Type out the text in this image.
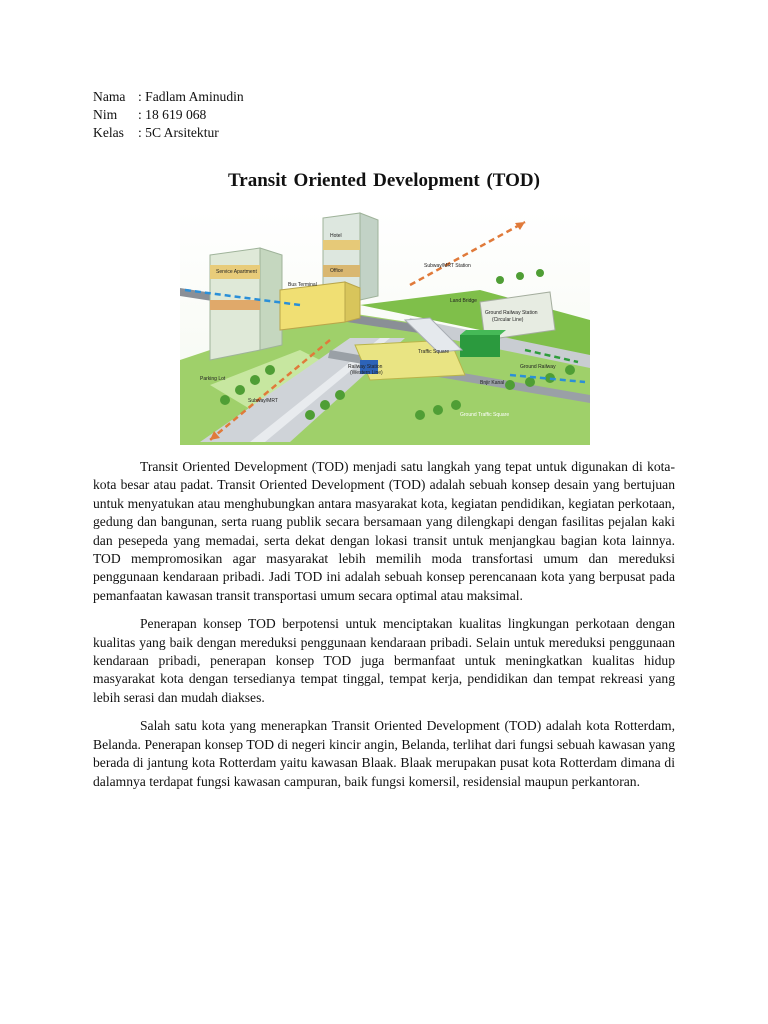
Nama : Fadlam Aminudin
Nim	: 18 619 068
Kelas	: 5C Arsitektur
Transit Oriented Development (TOD)
Hotel
Service Apartment	Office
Bus Terminal
Subway/MRT Station
Land Bridge
Ground Railway Station
(Circular Line)
Traffic Square
Railway Station
(Western Line)
Parking Lot
Subway/MRT
Ground Railway
Bnjir Kanal
Ground Traffic Square

Transit Oriented Development (TOD) menjadi satu langkah yang tepat untuk digunakan di kota-kota besar atau padat. Transit Oriented Development (TOD) adalah sebuah konsep desain yang bertujuan untuk menyatukan atau menghubungkan antara masyarakat kota, kegiatan pendidikan, kegiatan perkotaan, gedung dan bangunan, serta ruang publik secara bersamaan yang dilengkapi dengan fasilitas pejalan kaki dan pesepeda yang memadai, serta dekat dengan lokasi transit untuk menjangkau bagian kota lainnya. TOD mempromosikan agar masyarakat lebih memilih moda transfortasi umum dan mereduksi penggunaan kendaraan pribadi. Jadi TOD ini adalah sebuah konsep perencanaan kota yang berpusat pada pemanfaatan kawasan transit transportasi umum secara optimal atau maksimal.

Penerapan konsep TOD berpotensi untuk menciptakan kualitas lingkungan perkotaan dengan kualitas yang baik dengan mereduksi penggunaan kendaraan pribadi. Selain untuk mereduksi penggunaan kendaraan pribadi, penerapan konsep TOD juga bermanfaat untuk meningkatkan kualitas hidup masyarakat kota dengan tersedianya tempat tinggal, tempat kerja, pendidikan dan tempat rekreasi yang lebih serasi dan mudah diakses.

Salah satu kota yang menerapkan Transit Oriented Development (TOD) adalah kota Rotterdam, Belanda. Penerapan konsep TOD di negeri kincir angin, Belanda, terlihat dari fungsi sebuah kawasan yang berada di jantung kota Rotterdam yaitu kawasan Blaak. Blaak merupakan pusat kota Rotterdam dimana di dalamnya terdapat fungsi kawasan campuran, baik fungsi komersil, residensial maupun perkantoran.
